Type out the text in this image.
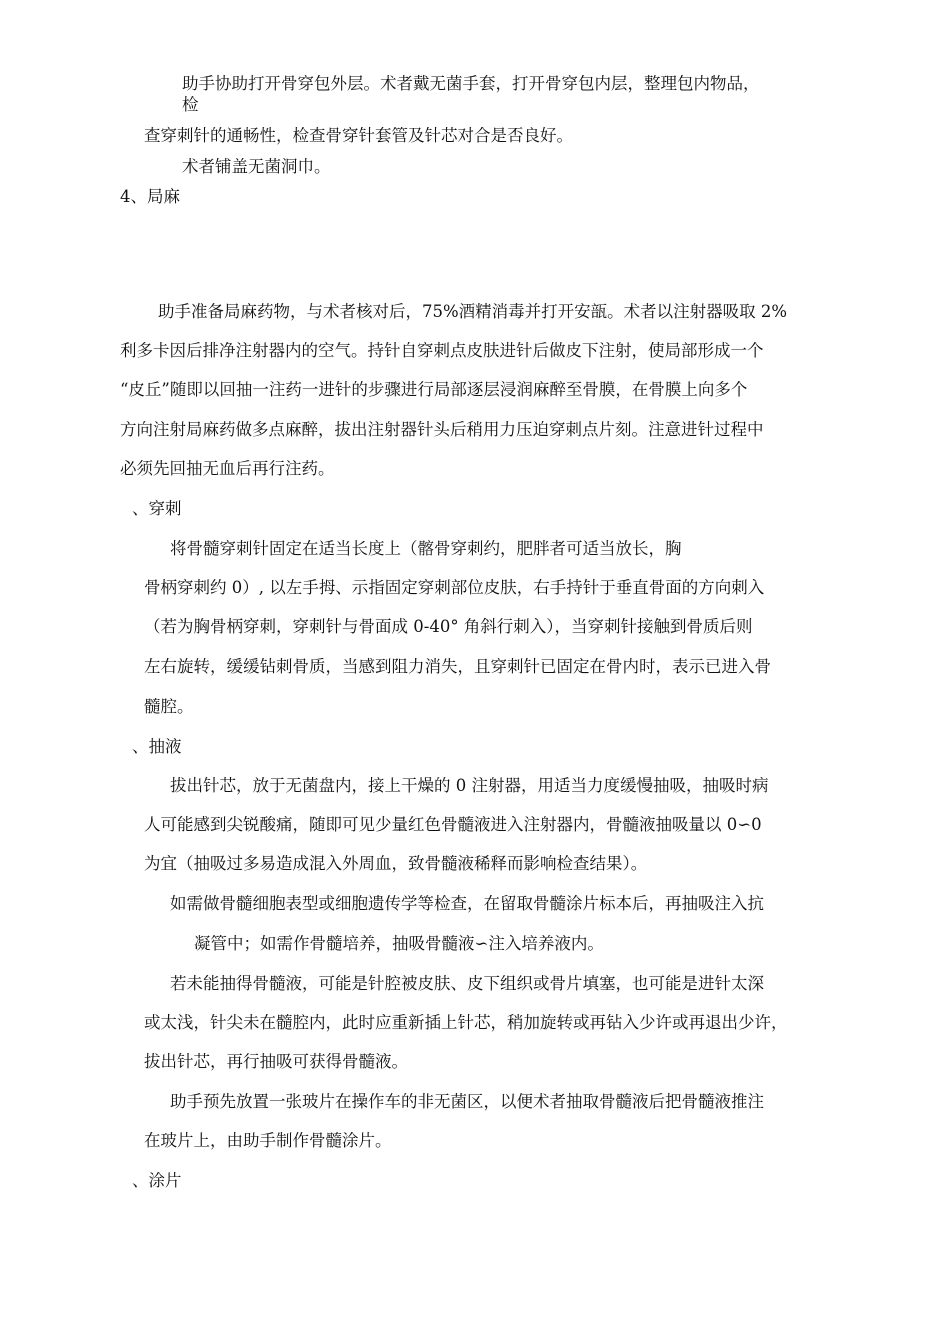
助手协助打开骨穿包外层。术者戴无菌手套，打开骨穿包内层，整理包内物品，
检
查穿刺针的通畅性，检查骨穿针套管及针芯对合是否良好。
术者铺盖无菌洞巾。
4、局麻
助手准备局麻药物，与术者核对后，75%酒精消毒并打开安瓿。术者以注射器吸取 2%
利多卡因后排净注射器内的空气。持针自穿刺点皮肤进针后做皮下注射，使局部形成一个
“皮丘”随即以回抽一注药一进针的步骤进行局部逐层浸润麻醉至骨膜，在骨膜上向多个
方向注射局麻药做多点麻醉，拔出注射器针头后稍用力压迫穿刺点片刻。注意进针过程中
必须先回抽无血后再行注药。
、穿刺
将骨髓穿刺针固定在适当长度上（髂骨穿刺约，肥胖者可适当放长，胸
骨柄穿刺约 0）, 以左手拇、示指固定穿刺部位皮肤，右手持针于垂直骨面的方向刺入
（若为胸骨柄穿刺，穿刺针与骨面成 0-40° 角斜行刺入），当穿刺针接触到骨质后则
左右旋转，缓缓钻刺骨质，当感到阻力消失，且穿刺针已固定在骨内时，表示已进入骨
髓腔。
、抽液
拔出针芯，放于无菌盘内，接上干燥的 0 注射器，用适当力度缓慢抽吸，抽吸时病
人可能感到尖锐酸痛，随即可见少量红色骨髓液进入注射器内，骨髓液抽吸量以 0∽0
为宜（抽吸过多易造成混入外周血，致骨髓液稀释而影响检查结果）。
如需做骨髓细胞表型或细胞遗传学等检查，在留取骨髓涂片标本后，再抽吸注入抗
凝管中；如需作骨髓培养，抽吸骨髓液∽注入培养液内。
若未能抽得骨髓液，可能是针腔被皮肤、皮下组织或骨片填塞，也可能是进针太深
或太浅，针尖未在髓腔内，此时应重新插上针芯，稍加旋转或再钻入少许或再退出少许，
拔出针芯，再行抽吸可获得骨髓液。
助手预先放置一张玻片在操作车的非无菌区，以便术者抽取骨髓液后把骨髓液推注
在玻片上，由助手制作骨髓涂片。
、涂片
